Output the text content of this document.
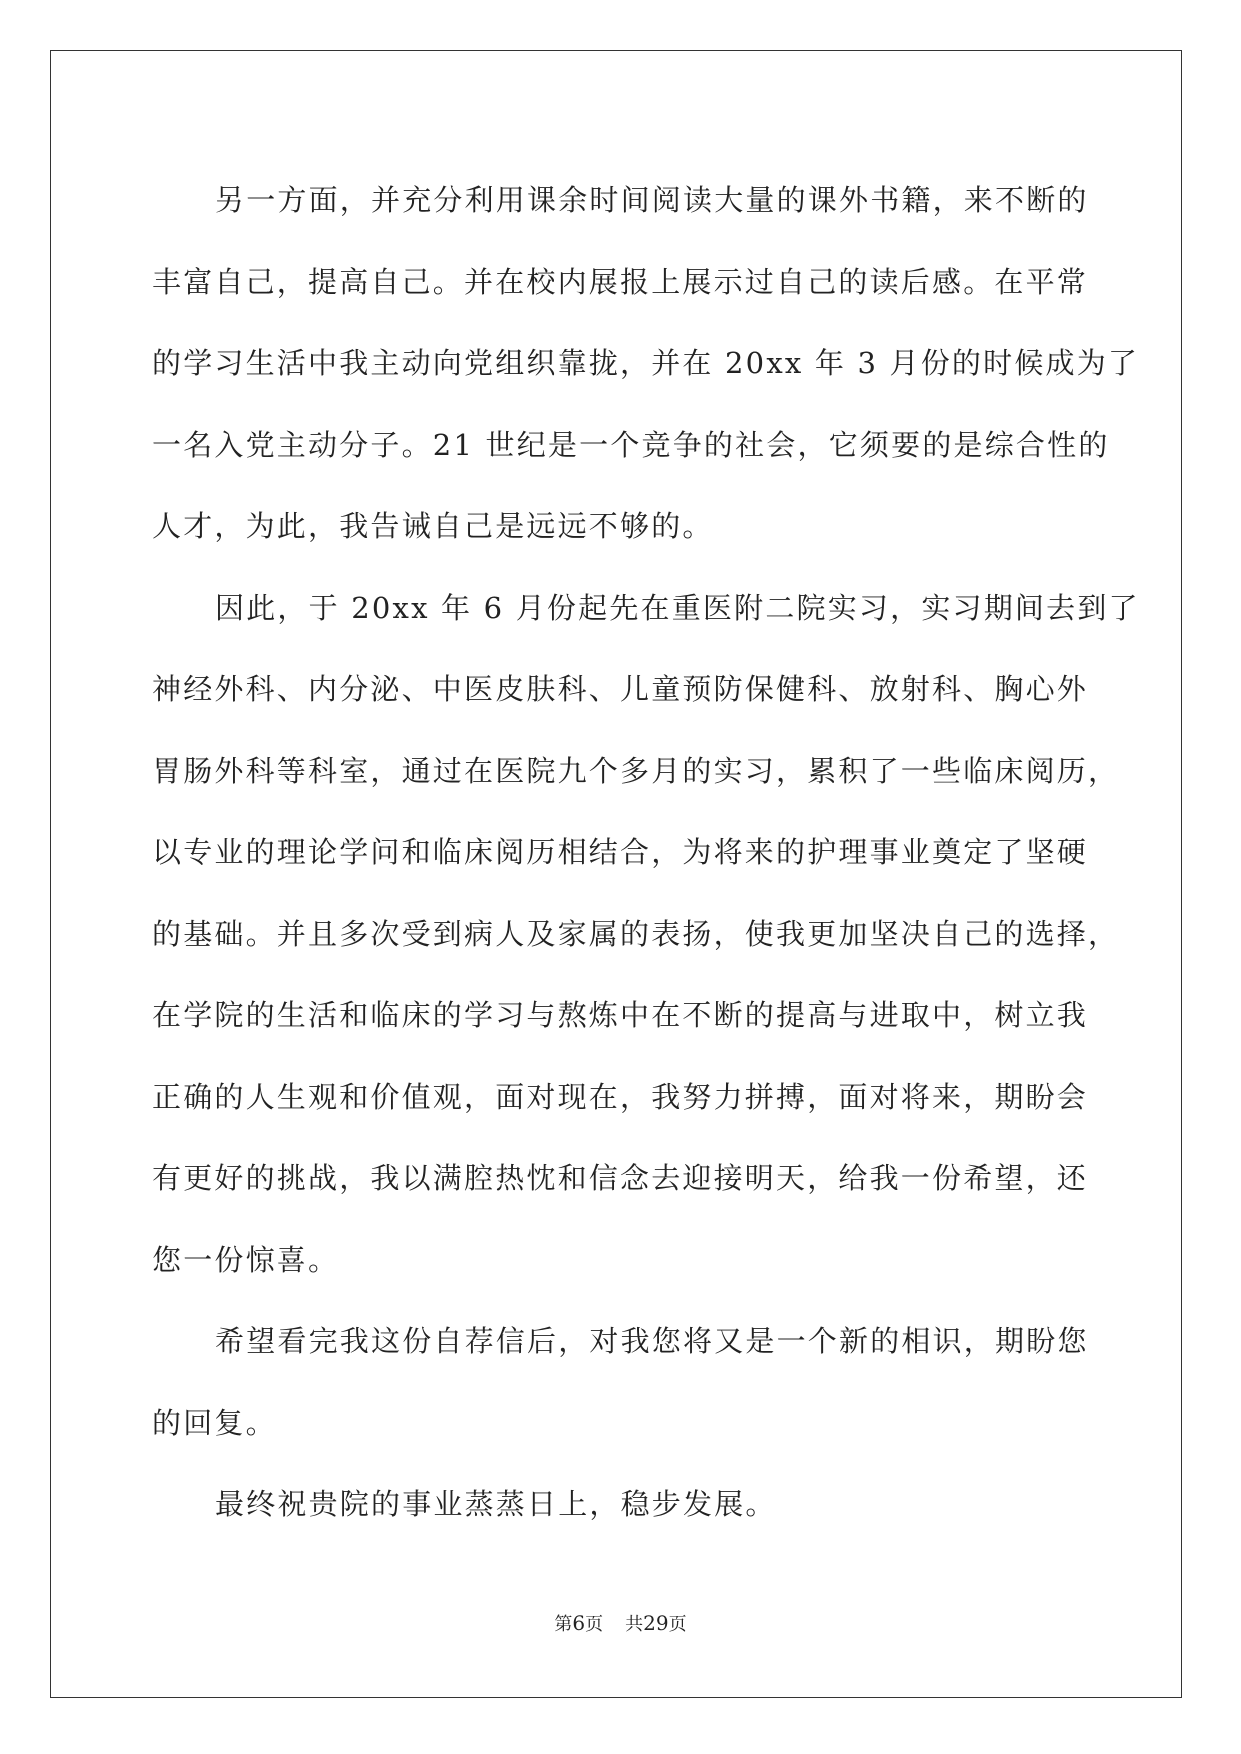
另一方面，并充分利用课余时间阅读大量的课外书籍，来不断的
丰富自己，提高自己。并在校内展报上展示过自己的读后感。在平常
的学习生活中我主动向党组织靠拢，并在 20xx 年 3 月份的时候成为了
一名入党主动分子。21 世纪是一个竞争的社会，它须要的是综合性的
人才，为此，我告诫自己是远远不够的。
因此，于 20xx 年 6 月份起先在重医附二院实习，实习期间去到了
神经外科、内分泌、中医皮肤科、儿童预防保健科、放射科、胸心外
胃肠外科等科室，通过在医院九个多月的实习，累积了一些临床阅历，
以专业的理论学问和临床阅历相结合，为将来的护理事业奠定了坚硬
的基础。并且多次受到病人及家属的表扬，使我更加坚决自己的选择，
在学院的生活和临床的学习与熬炼中在不断的提高与进取中，树立我
正确的人生观和价值观，面对现在，我努力拼搏，面对将来，期盼会
有更好的挑战，我以满腔热忱和信念去迎接明天，给我一份希望，还
您一份惊喜。
希望看完我这份自荐信后，对我您将又是一个新的相识，期盼您
的回复。
最终祝贵院的事业蒸蒸日上，稳步发展。
第6页 共29页
